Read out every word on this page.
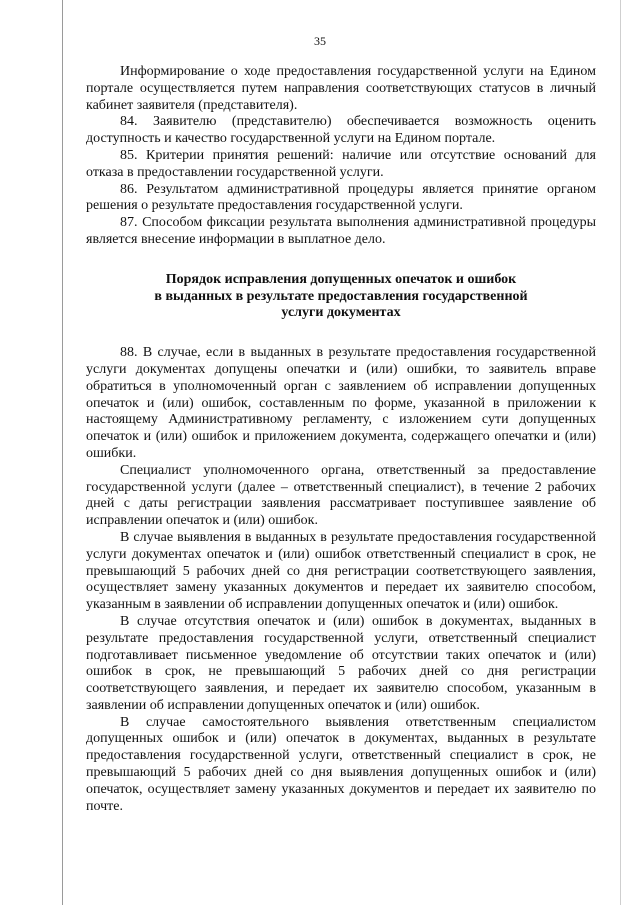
35

Информирование о ходе предоставления государственной услуги на Едином портале осуществляется путем направления соответствующих статусов в личный кабинет заявителя (представителя).

84. Заявителю (представителю) обеспечивается возможность оценить доступность и качество государственной услуги на Едином портале.

85. Критерии принятия решений: наличие или отсутствие оснований для отказа в предоставлении государственной услуги.

86. Результатом административной процедуры является принятие органом решения о результате предоставления государственной услуги.

87. Способом фиксации результата выполнения административной процедуры является внесение информации в выплатное дело.

Порядок исправления допущенных опечаток и ошибок
в выданных в результате предоставления государственной
услуги документах

88. В случае, если в выданных в результате предоставления государственной услуги документах допущены опечатки и (или) ошибки, то заявитель вправе обратиться в уполномоченный орган с заявлением об исправлении допущенных опечаток и (или) ошибок, составленным по форме, указанной в приложении к настоящему Административному регламенту, с изложением сути допущенных опечаток и (или) ошибок и приложением документа, содержащего опечатки и (или) ошибки.

Специалист уполномоченного органа, ответственный за предоставление государственной услуги (далее – ответственный специалист), в течение 2 рабочих дней с даты регистрации заявления рассматривает поступившее заявление об исправлении опечаток и (или) ошибок.

В случае выявления в выданных в результате предоставления государственной услуги документах опечаток и (или) ошибок ответственный специалист в срок, не превышающий 5 рабочих дней со дня регистрации соответствующего заявления, осуществляет замену указанных документов и передает их заявителю способом, указанным в заявлении об исправлении допущенных опечаток и (или) ошибок.

В случае отсутствия опечаток и (или) ошибок в документах, выданных в результате предоставления государственной услуги, ответственный специалист подготавливает письменное уведомление об отсутствии таких опечаток и (или) ошибок в срок, не превышающий 5 рабочих дней со дня регистрации соответствующего заявления, и передает их заявителю способом, указанным в заявлении об исправлении допущенных опечаток и (или) ошибок.

В случае самостоятельного выявления ответственным специалистом допущенных ошибок и (или) опечаток в документах, выданных в результате предоставления государственной услуги, ответственный специалист в срок, не превышающий 5 рабочих дней со дня выявления допущенных ошибок и (или) опечаток, осуществляет замену указанных документов и передает их заявителю по почте.
